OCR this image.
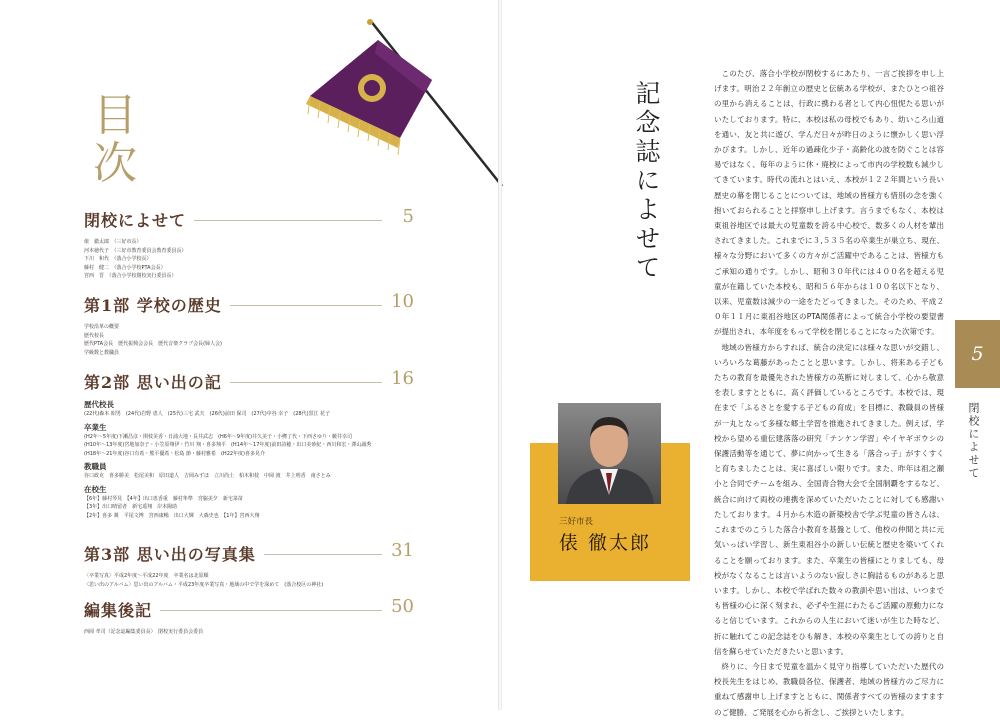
目
次
閉校によせて	5
俵　徹太郎　（三好市長）
河本徳代子　（三好市教育委員会教育委員長）
下川　和代　（落合小学校長）
藤村　健二　（落合小学校PTA会長）
宮西　晋　（落合小学校閉校実行委員長）
第1部 学校の歴史	10
学校沿革の概要
歴代校長
歴代PTA会長　歴代振興会会長　歴代音楽クラブ会長(婦人会)
学級数と教職員
第2部 思い出の記	16
歴代校長
(22代)森本 昭男　(24代)岩野 恵人　(25代)三宅 武夫　(26代)前田 保司　(27代)中谷 幸子　(28代)黒江 花子
卒業生
(H2年～5年度)下瀬昌彦・関枝美香・日浦大地・長井武志　(H6年～9年度)井久美子・小栁了代・下西さゆり・藪井幸司
(H10年～13年度)宮地加奈子・小笠原翔伊・竹川 翔・喜多翔平　(H14年～17年度)前田詩穂・出口美砂紀・西川和宏・澤山誠秀
(H18年～21年度)谷口有希・熊平優希・松島 節・藤村雅希　(H22年度)喜多晃介
教職員
谷口政克　喜多勝美　松尾美和　原田道人　吉岡みずほ　立川尚士　柏木和枝　中岡 渡　井上明香　南さとみ
在校生
【6年】藤村琴見　【4年】出口恵香重　藤村隼準　宮脇美夕　新宅菜苗
【3年】出口晴留者　新宅遥翔　岸本陽助
【2年】喜多 翼　平尾文博　宮西康暢　出口大輝　大森史也　【1年】宮西大翔
第3部 思い出の写真集	31
〈卒業写真〉平成2年度～平成22年度　卒業名は北原順
〈思い出のアルバム〉思い出のアルバム・平成23年度卒業写真・地域の中で学を深めて　(落合校区の神社)
編集後記	50
西岡 孝司（記念誌編集委員長）　閉校実行委員会委員
記念誌によせて

このたび、落合小学校が閉校するにあたり、一言ご挨拶を申し上げます。明治２２年創立の歴史と伝統ある学校が、またひとつ祖谷の里から消えることは、行政に携わる者として内心忸怩たる思いがいたしております。特に、本校は私の母校でもあり、幼いころ山道を通い、友と共に遊び、学んだ日々が昨日のように懐かしく思い浮かびます。しかし、近年の過疎化少子・高齢化の波を防ぐことは容易ではなく、毎年のように休・廃校によって市内の学校数も減少してきています。時代の流れとはいえ、本校が１２２年間という長い歴史の幕を閉じることについては、地域の皆様方も惜別の念を強く抱いておられることと拝察申し上げます。言うまでもなく、本校は東祖谷地区では最大の児童数を誇る中心校で、数多くの人材を輩出されてきました。これまでに３,５３５名の卒業生が巣立ち、現在、様々な分野において多くの方々がご活躍中であることは、皆様方もご承知の通りです。しかし、昭和３０年代には４００名を超える児童が在籍していた本校も、昭和５６年からは１００名以下となり、以来、児童数は減少の一途をたどってきました。そのため、平成２０年１１月に東祖谷地区のPTA関係者によって統合小学校の要望書が提出され、本年度をもって学校を閉じることになった次第です。

地域の皆様方からすれば、統合の決定には様々な思いが交錯し、いろいろな葛藤があったことと思います。しかし、将来ある子どもたちの教育を最優先された皆様方の英断に対しまして、心から敬意を表しますとともに、高く評価しているところです。本校では、現在まで「ふるさとを愛する子どもの育成」を目標に、教職員の皆様が一丸となって多様な郷土学習を推進されてきました。例えば、学校から望める重伝建落落の研究「テンケン学習」やイヤギボウシの保護活動等を通じて、夢に向かって生きる「落合っ子」がすくすくと育ちましたことは、実に喜ばしい限りです。また、昨年は祖之瀬小と合同でチームを組み、全国青合物大会で全国制覇をするなど、統合に向けて両校の連携を深めていただいたことに対しても感謝いたしております。４月から木造の新築校舎で学ぶ児童の皆さんは、これまでのこうした落合小教育を基盤として、他校の仲間と共に元気いっぱい学習し、新生東祖谷小の新しい伝統と歴史を築いてくれることを願っております。また、卒業生の皆様にとりましても、母校がなくなることは言いようのない寂しさに胸詰るものがあると思います。しかし、本校で学ばれた数々の教訓や思い出は、いつまでも皆様の心に深く刻まれ、必ずや生涯にわたるご活躍の原動力になると信じています。これからの人生において迷いが生じた時など、折に触れてこの記念誌をひも解き、本校の卒業生としての誇りと自信を蘇らせていただきたいと思います。

終りに、今日まで児童を温かく見守り指導していただいた歴代の校長先生をはじめ、教職員各位、保護者、地域の皆様方のご尽力に重ねて感謝申し上げますとともに、関係者すべての皆様のますますのご健勝、ご発展を心から祈念し、ご挨拶といたします。

三好市長
俵 徹太郎
5
閉校によせて
